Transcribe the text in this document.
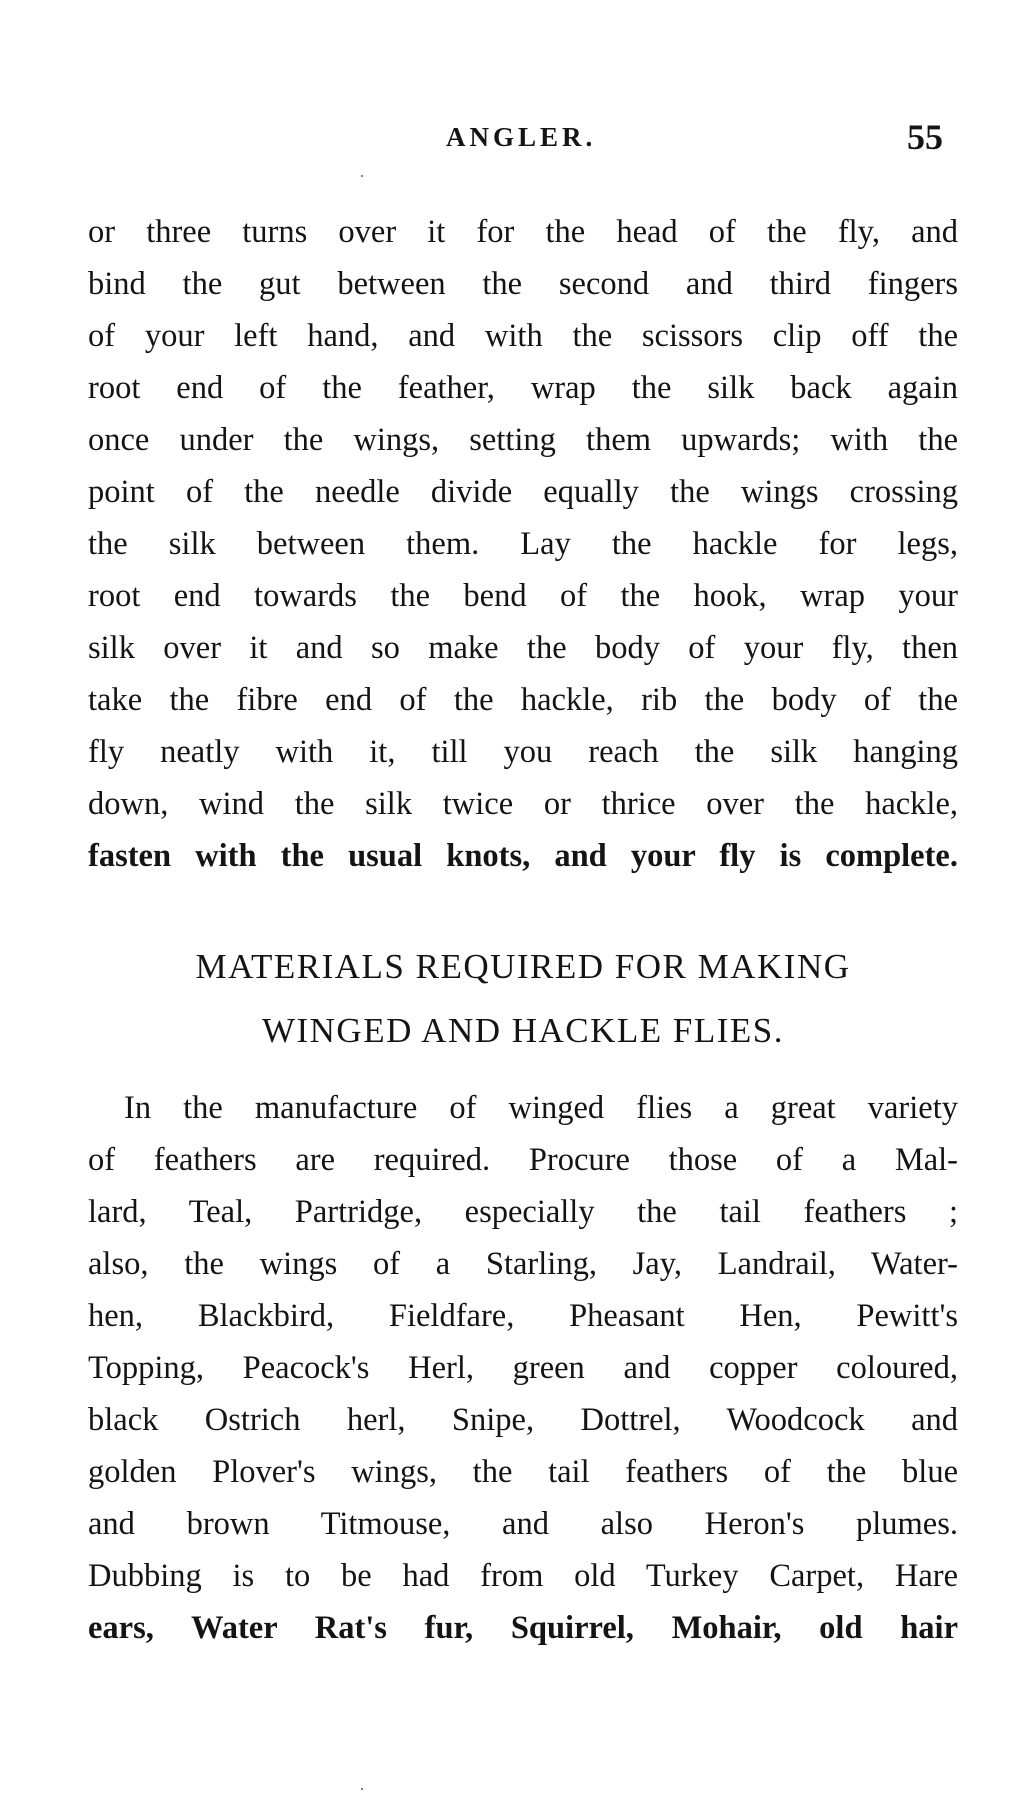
ANGLER.	55
or three turns over it for the head of the fly, and
bind the gut between the second and third fingers
of your left hand, and with the scissors clip off the
root end of the feather, wrap the silk back again
once under the wings, setting them upwards; with the
point of the needle divide equally the wings crossing
the silk between them. Lay the hackle for legs,
root end towards the bend of the hook, wrap your
silk over it and so make the body of your fly, then
take the fibre end of the hackle, rib the body of the
fly neatly with it, till you reach the silk hanging
down, wind the silk twice or thrice over the hackle,
fasten with the usual knots, and your fly is complete.
MATERIALS REQUIRED FOR MAKING
WINGED AND HACKLE FLIES.
In the manufacture of winged flies a great variety
of feathers are required. Procure those of a Mal-
lard, Teal, Partridge, especially the tail feathers ;
also, the wings of a Starling, Jay, Landrail, Water-
hen, Blackbird, Fieldfare, Pheasant Hen, Pewitt's
Topping, Peacock's Herl, green and copper coloured,
black Ostrich herl, Snipe, Dottrel, Woodcock and
golden Plover's wings, the tail feathers of the blue
and brown Titmouse, and also Heron's plumes.
Dubbing is to be had from old Turkey Carpet, Hare
ears, Water Rat's fur, Squirrel, Mohair, old hair
